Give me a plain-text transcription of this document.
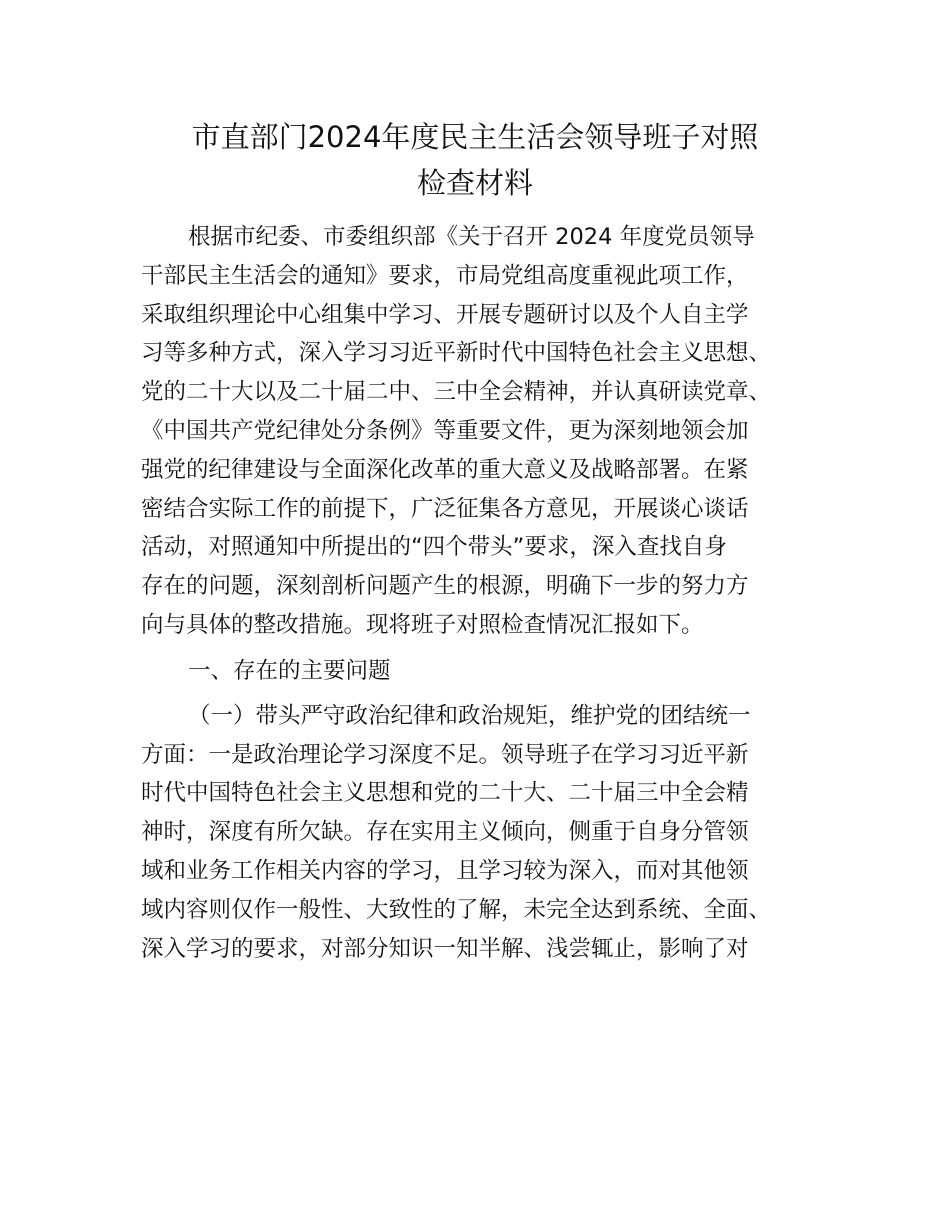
市直部门2024年度民主生活会领导班子对照
检查材料
根据市纪委、市委组织部《关于召开 2024 年度党员领导
干部民主生活会的通知》要求，市局党组高度重视此项工作，
采取组织理论中心组集中学习、开展专题研讨以及个人自主学
习等多种方式，深入学习习近平新时代中国特色社会主义思想、
党的二十大以及二十届二中、三中全会精神，并认真研读党章、
《中国共产党纪律处分条例》等重要文件，更为深刻地领会加
强党的纪律建设与全面深化改革的重大意义及战略部署。在紧
密结合实际工作的前提下，广泛征集各方意见，开展谈心谈话
活动，对照通知中所提出的“四个带头”要求，深入查找自身
存在的问题，深刻剖析问题产生的根源，明确下一步的努力方
向与具体的整改措施。现将班子对照检查情况汇报如下。
一、存在的主要问题
（一）带头严守政治纪律和政治规矩，维护党的团结统一
方面：一是政治理论学习深度不足。领导班子在学习习近平新
时代中国特色社会主义思想和党的二十大、二十届三中全会精
神时，深度有所欠缺。存在实用主义倾向，侧重于自身分管领
域和业务工作相关内容的学习，且学习较为深入，而对其他领
域内容则仅作一般性、大致性的了解，未完全达到系统、全面、
深入学习的要求，对部分知识一知半解、浅尝辄止，影响了对
